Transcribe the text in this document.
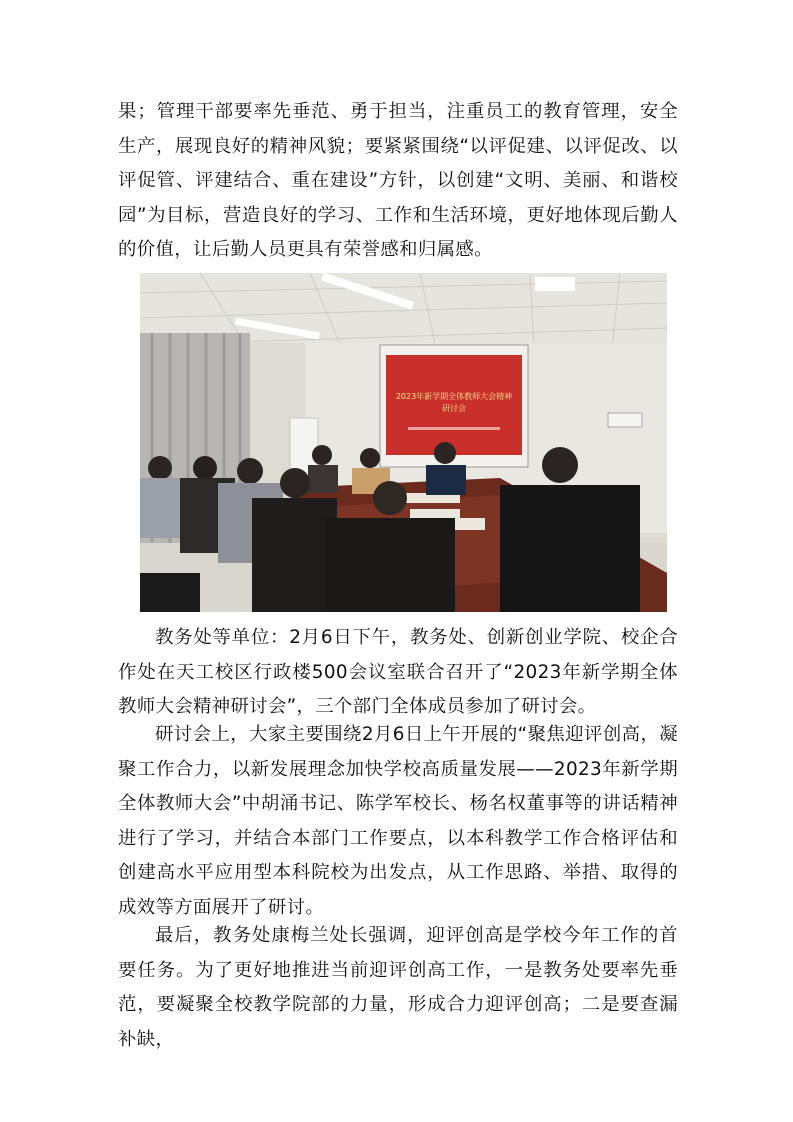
果；管理干部要率先垂范、勇于担当，注重员工的教育管理，安全生产，展现良好的精神风貌；要紧紧围绕“以评促建、以评促改、以评促管、评建结合、重在建设”方针，以创建“文明、美丽、和谐校园”为目标，营造良好的学习、工作和生活环境，更好地体现后勤人的价值，让后勤人员更具有荣誉感和归属感。

2023年新学期全体教师大会精神
研讨会

教务处等单位：2月6日下午，教务处、创新创业学院、校企合作处在天工校区行政楼500会议室联合召开了“2023年新学期全体教师大会精神研讨会”，三个部门全体成员参加了研讨会。

研讨会上，大家主要围绕2月6日上午开展的“聚焦迎评创高，凝聚工作合力，以新发展理念加快学校高质量发展——2023年新学期全体教师大会”中胡涌书记、陈学军校长、杨名权董事等的讲话精神进行了学习，并结合本部门工作要点，以本科教学工作合格评估和创建高水平应用型本科院校为出发点，从工作思路、举措、取得的成效等方面展开了研讨。

最后，教务处康梅兰处长强调，迎评创高是学校今年工作的首要任务。为了更好地推进当前迎评创高工作，一是教务处要率先垂范，要凝聚全校教学院部的力量，形成合力迎评创高；二是要查漏补缺，
